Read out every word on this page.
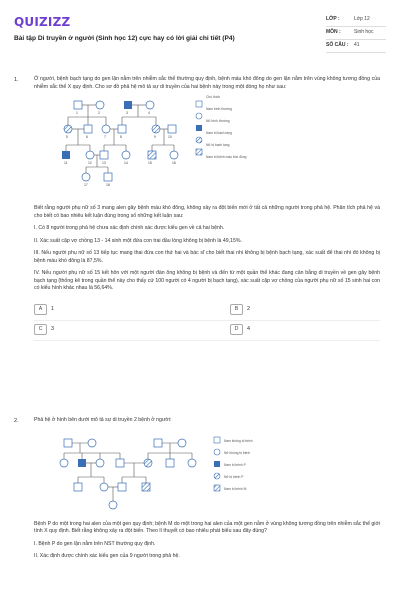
QUIZIZZ
Bài tập Di truyền ở người (Sinh học 12) cực hay có lời giải chi tiết (P4)
LỚP :	Lớp 12
MÔN :	Sinh học
SỐ CÂU :	41
1.	Ở người, bệnh bạch tạng do gen lặn nằm trên nhiễm sắc thể thường quy định, bệnh máu khó đông do gen lặn nằm trên vùng không tương đồng của nhiễm sắc thể X quy định. Cho sơ đồ phả hệ mô tả sự di truyền của hai bệnh này trong một dòng họ như sau:

1	2	3	4
5	6	7	8	9	10
11	12	13	14	15	16
17	18
Chú thích
Nam bình thường
Nữ bình thường
Nam bị bạch tạng
Nữ bị bạch tạng
Nam bị bệnh máu khó đông

Biết rằng người phụ nữ số 3 mang alen gây bệnh máu khó đông, không xảy ra đột biến mới ở tất cả những người trong phả hệ. Phân tích phả hệ và cho biết có bao nhiêu kết luận đúng trong số những kết luận sau:

I. Có 8 người trong phả hệ chưa xác định chính xác được kiểu gen về cả hai bệnh.

II. Xác suất cặp vợ chồng 13 - 14 sinh một đứa con trai đầu lòng không bị bệnh là 49,15%.

III. Nếu người phụ nữ số 13 tiếp tục mang thai đứa con thứ hai và bác sĩ cho biết thai nhi không bị bệnh bạch tạng, xác suất để thai nhi đó không bị bệnh máu khó đông là 87,5%.

IV. Nếu người phụ nữ số 15 kết hôn với một người đàn ông không bị bệnh và đến từ một quần thể khác đang cân bằng di truyền về gen gây bệnh bạch tạng (thống kê trong quần thể này cho thấy cứ 100 người có 4 người bị bạch tạng), xác suất cặp vợ chồng của người phụ nữ số 15 sinh hai con có kiểu hình khác nhau là 56,64%.

A	1	B	2
C	3	D	4
2.	Phả hệ ở hình bên dưới mô tả sự di truyền 2 bệnh ở người:

Nam không bị bệnh
Nữ không bị bệnh
Nam bị bệnh P
Nữ bị bệnh P
Nam bị bệnh M

Bệnh P do một trong hai alen của một gen quy định; bệnh M do một trong hai alen của một gen nằm ở vùng không tương đồng trên nhiễm sắc thể giới tính X quy định. Biết rằng không xảy ra đột biến. Theo lí thuyết có bao nhiêu phát biểu sau đây đúng?

I. Bệnh P do gen lặn nằm trên NST thường quy định.

II. Xác định được chính xác kiểu gen của 9 người trong phả hệ.
